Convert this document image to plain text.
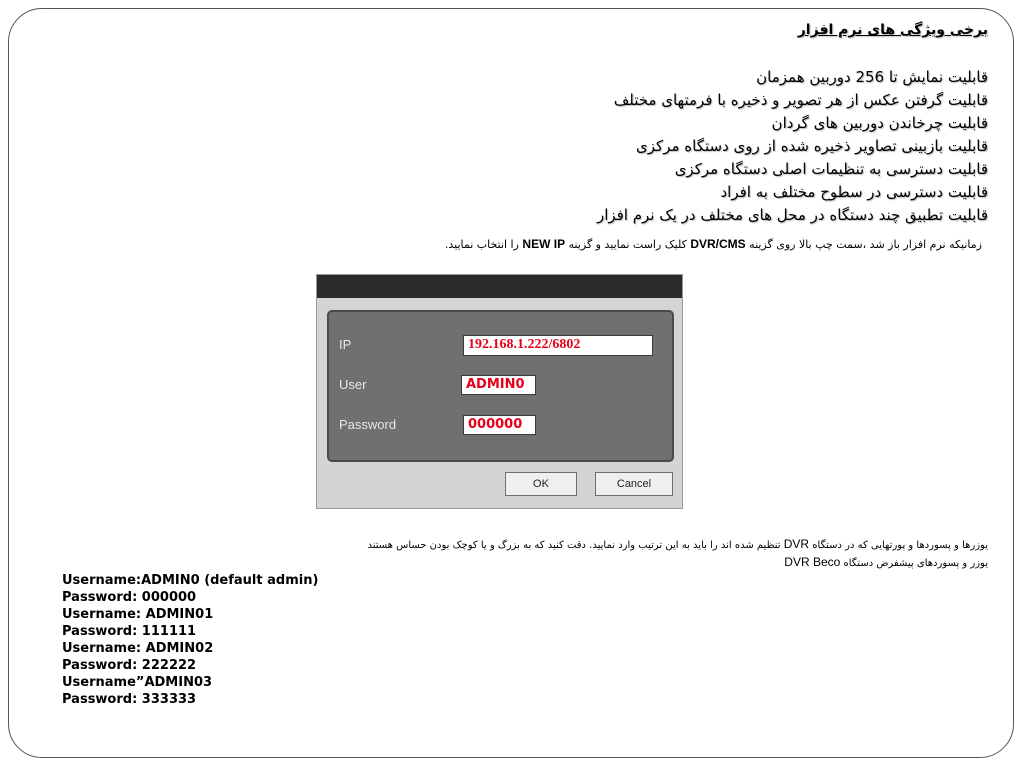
برخی ویژگی های نرم افزار
قابلیت نمایش تا 256 دوربین همزمان
قابلیت گرفتن عکس از هر تصویر و ذخیره با فرمتهای مختلف
قابلیت چرخاندن دوربین های گردان
قابلیت بازبینی تصاویر ذخیره شده از روی دستگاه مرکزی
قابلیت دسترسی به تنظیمات اصلی دستگاه مرکزی
قابلیت دسترسی در سطوح مختلف به افراد
قابلیت تطبیق چند دستگاه در محل های مختلف در یک نرم افزار
زمانیکه نرم افزار باز شد ،سمت چپ بالا روی گزینه DVR/CMS کلیک راست نمایید و گزینه NEW IP را انتخاب نمایید.
IP	192.168.1.222/6802
User	ADMIN0
Password	000000
OK	Cancel
یوزرها و پسوردها و پورتهایی که در دستگاه DVR تنظیم شده اند را باید به این ترتیب وارد نمایید. دقت کنید که به بزرگ و یا کوچک بودن حساس هستند
یوزر و پسوردهای پیشفرض دستگاه DVR Beco
Username:ADMIN0 (default admin)
Password: 000000
Username: ADMIN01
Password: 111111
Username: ADMIN02
Password: 222222
Username”ADMIN03
Password: 333333
